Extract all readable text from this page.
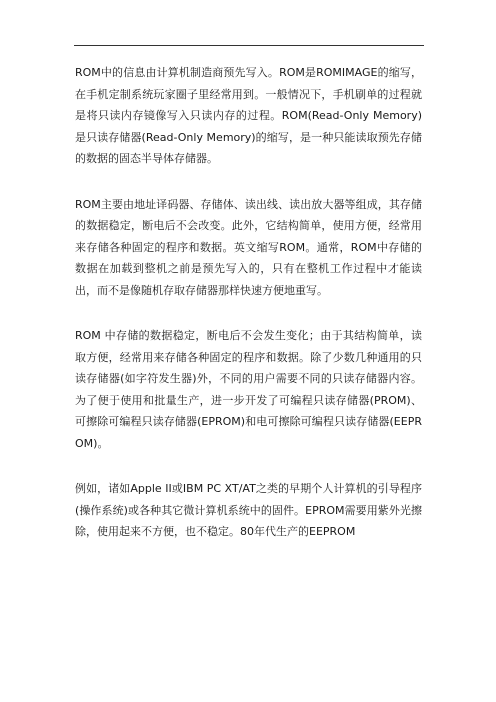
ROM中的信息由计算机制造商预先写入。ROM是ROMIMAGE的缩写，在手机定制系统玩家圈子里经常用到。一般情况下，手机刷单的过程就是将只读内存镜像写入只读内存的过程。ROM(Read-Only Memory)是只读存储器(Read-Only Memory)的缩写，是一种只能读取预先存储的数据的固态半导体存储器。

ROM主要由地址译码器、存储体、读出线、读出放大器等组成，其存储的数据稳定，断电后不会改变。此外，它结构简单，使用方便，经常用来存储各种固定的程序和数据。英文缩写ROM。通常，ROM中存储的数据在加载到整机之前是预先写入的，只有在整机工作过程中才能读出，而不是像随机存取存储器那样快速方便地重写。

ROM 中存储的数据稳定，断电后不会发生变化；由于其结构简单，读取方便，经常用来存储各种固定的程序和数据。除了少数几种通用的只读存储器(如字符发生器)外，不同的用户需要不同的只读存储器内容。为了便于使用和批量生产，进一步开发了可编程只读存储器(PROM)、可擦除可编程只读存储器(EPROM)和电可擦除可编程只读存储器(EEPROM)。

例如，诸如Apple II或IBM PC XT/AT之类的早期个人计算机的引导程序(操作系统)或各种其它微计算机系统中的固件。EPROM需要用紫外光擦除，使用起来不方便，也不稳定。80年代生产的EEPROM
